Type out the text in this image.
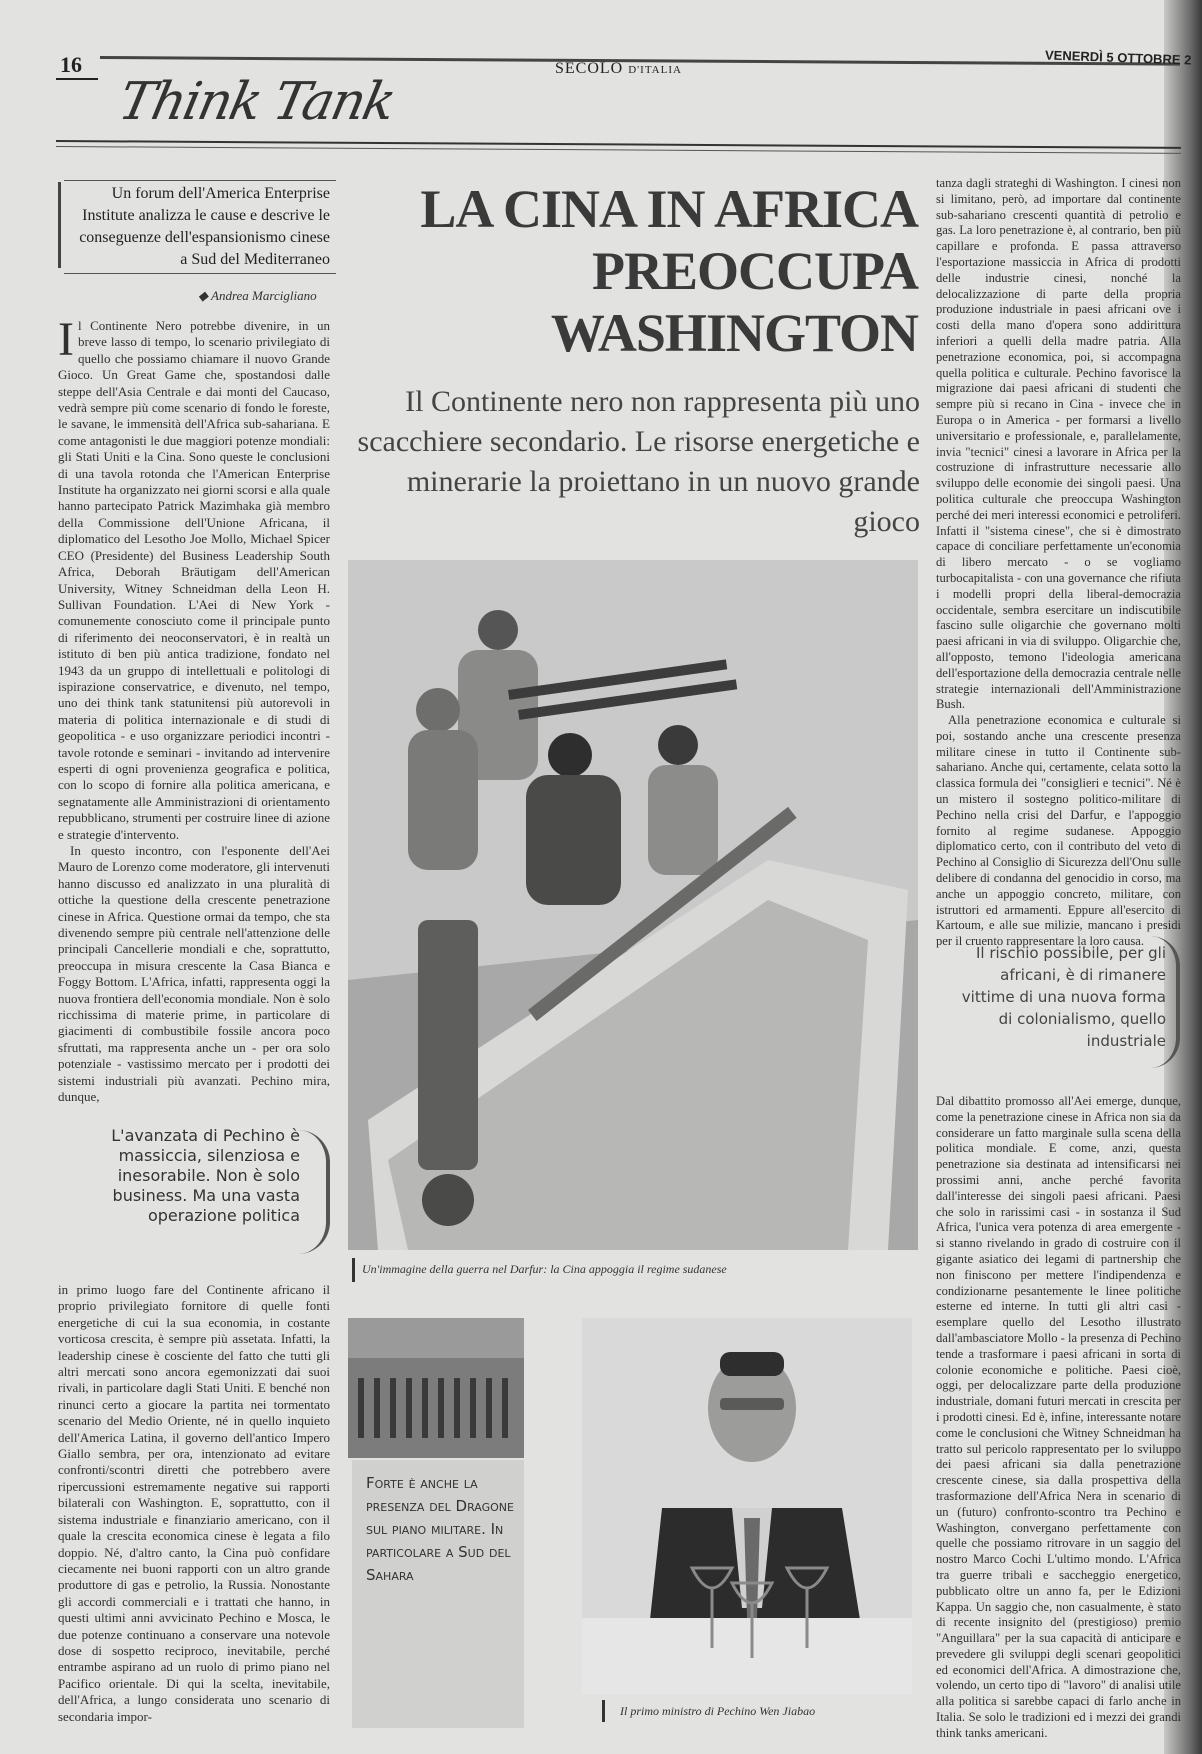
16	SECOLO D'ITALIA
VENERDÌ 5 OTTOBRE 2
Think Tank
Un forum dell'America Enterprise Institute analizza le cause e descrive le conseguenze dell'espansionismo cinese a Sud del Mediterraneo
◆ Andrea Marcigliano
I l Continente Nero potrebbe divenire, in un breve lasso di tempo, lo scenario privilegiato di quello che possiamo chiamare il nuovo Grande Gioco. Un Great Game che, spostandosi dalle steppe dell'Asia Centrale e dai monti del Caucaso, vedrà sempre più come scenario di fondo le foreste, le savane, le immensità dell'Africa sub-sahariana. E come antagonisti le due maggiori potenze mondiali: gli Stati Uniti e la Cina. Sono queste le conclusioni di una tavola rotonda che l'American Enterprise Institute ha organizzato nei giorni scorsi e alla quale hanno partecipato Patrick Mazimhaka già membro della Commissione dell'Unione Africana, il diplomatico del Lesotho Joe Mollo, Michael Spicer CEO (Presidente) del Business Leadership South Africa, Deborah Bräutigam dell'American University, Witney Schneidman della Leon H. Sullivan Foundation. L'Aei di New York - comunemente conosciuto come il principale punto di riferimento dei neoconservatori, è in realtà un istituto di ben più antica tradizione, fondato nel 1943 da un gruppo di intellettuali e politologi di ispirazione conservatrice, e divenuto, nel tempo, uno dei think tank statunitensi più autorevoli in materia di politica internazionale e di studi di geopolitica - e uso organizzare periodici incontri - tavole rotonde e seminari - invitando ad intervenire esperti di ogni provenienza geografica e politica, con lo scopo di fornire alla politica americana, e segnatamente alle Amministrazioni di orientamento repubblicano, strumenti per costruire linee di azione e strategie d'intervento.

In questo incontro, con l'esponente dell'Aei Mauro de Lorenzo come moderatore, gli intervenuti hanno discusso ed analizzato in una pluralità di ottiche la questione della crescente penetrazione cinese in Africa. Questione ormai da tempo, che sta divenendo sempre più centrale nell'attenzione delle principali Cancellerie mondiali e che, soprattutto, preoccupa in misura crescente la Casa Bianca e Foggy Bottom. L'Africa, infatti, rappresenta oggi la nuova frontiera dell'economia mondiale. Non è solo ricchissima di materie prime, in particolare di giacimenti di combustibile fossile ancora poco sfruttati, ma rappresenta anche un - per ora solo potenziale - vastissimo mercato per i prodotti dei sistemi industriali più avanzati. Pechino mira, dunque,

L'avanzata di Pechino è massiccia, silenziosa e inesorabile. Non è solo business. Ma una vasta operazione politica

in primo luogo fare del Continente africano il proprio privilegiato fornitore di quelle fonti energetiche di cui la sua economia, in costante vorticosa crescita, è sempre più assetata. Infatti, la leadership cinese è cosciente del fatto che tutti gli altri mercati sono ancora egemonizzati dai suoi rivali, in particolare dagli Stati Uniti. E benché non rinunci certo a giocare la partita nei tormentato scenario del Medio Oriente, né in quello inquieto dell'America Latina, il governo dell'antico Impero Giallo sembra, per ora, intenzionato ad evitare confronti/scontri diretti che potrebbero avere ripercussioni estremamente negative sui rapporti bilaterali con Washington. E, soprattutto, con il sistema industriale e finanziario americano, con il quale la crescita economica cinese è legata a filo doppio. Né, d'altro canto, la Cina può confidare ciecamente nei buoni rapporti con un altro grande produttore di gas e petrolio, la Russia. Nonostante gli accordi commerciali e i trattati che hanno, in questi ultimi anni avvicinato Pechino e Mosca, le due potenze continuano a conservare una notevole dose di sospetto reciproco, inevitabile, perché entrambe aspirano ad un ruolo di primo piano nel Pacifico orientale. Di qui la scelta, inevitabile, dell'Africa, a lungo considerata uno scenario di secondaria impor-

LA CINA IN AFRICA PREOCCUPA WASHINGTON
Il Continente nero non rappresenta più uno scacchiere secondario. Le risorse energetiche e minerarie la proiettano in un nuovo grande gioco
Un'immagine della guerra nel Darfur: la Cina appoggia il regime sudanese
Forte è anche la presenza del Dragone sul piano militare. In particolare a Sud del Sahara
Il primo ministro di Pechino Wen Jiabao

tanza dagli strateghi di Washington. I cinesi non si limitano, però, ad importare dal continente sub-sahariano crescenti quantità di petrolio e gas. La loro penetrazione è, al contrario, ben più capillare e profonda. E passa attraverso l'esportazione massiccia in Africa di prodotti delle industrie cinesi, nonché la delocalizzazione di parte della propria produzione industriale in paesi africani ove i costi della mano d'opera sono addirittura inferiori a quelli della madre patria. Alla penetrazione economica, poi, si accompagna quella politica e culturale. Pechino favorisce la migrazione dai paesi africani di studenti che sempre più si recano in Cina - invece che in Europa o in America - per formarsi a livello universitario e professionale, e, parallelamente, invia "tecnici" cinesi a lavorare in Africa per la costruzione di infrastrutture necessarie allo sviluppo delle economie dei singoli paesi. Una politica culturale che preoccupa Washington perché dei meri interessi economici e petroliferi. Infatti il "sistema cinese", che si è dimostrato capace di conciliare perfettamente un'economia di libero mercato - o se vogliamo turbocapitalista - con una governance che rifiuta i modelli propri della liberal-democrazia occidentale, sembra esercitare un indiscutibile fascino sulle oligarchie che governano molti paesi africani in via di sviluppo. Oligarchie che, all'opposto, temono l'ideologia americana dell'esportazione della democrazia centrale nelle strategie internazionali dell'Amministrazione Bush.

Alla penetrazione economica e culturale si poi, sostando anche una crescente presenza militare cinese in tutto il Continente sub-sahariano. Anche qui, certamente, celata sotto la classica formula dei "consiglieri e tecnici". Né è un mistero il sostegno politico-militare di Pechino nella crisi del Darfur, e l'appoggio fornito al regime sudanese. Appoggio diplomatico certo, con il contributo del veto di Pechino al Consiglio di Sicurezza dell'Onu sulle delibere di condanna del genocidio in corso, ma anche un appoggio concreto, militare, con istruttori ed armamenti. Eppure all'esercito di Kartoum, e alle sue milizie, mancano i presidi per il cruento rappresentare la loro causa.

Il rischio possibile, per gli africani, è di rimanere vittime di una nuova forma di colonialismo, quello industriale

Dal dibattito promosso all'Aei emerge, dunque, come la penetrazione cinese in Africa non sia da considerare un fatto marginale sulla scena della politica mondiale. E come, anzi, questa penetrazione sia destinata ad intensificarsi nei prossimi anni, anche perché favorita dall'interesse dei singoli paesi africani. Paesi che solo in rarissimi casi - in sostanza il Sud Africa, l'unica vera potenza di area emergente - si stanno rivelando in grado di costruire con il gigante asiatico dei legami di partnership che non finiscono per mettere l'indipendenza e condizionarne pesantemente le linee politiche esterne ed interne. In tutti gli altri casi - esemplare quello del Lesotho illustrato dall'ambasciatore Mollo - la presenza di Pechino tende a trasformare i paesi africani in sorta di colonie economiche e politiche. Paesi cioè, oggi, per delocalizzare parte della produzione industriale, domani futuri mercati in crescita per i prodotti cinesi. Ed è, infine, interessante notare come le conclusioni che Witney Schneidman ha tratto sul pericolo rappresentato per lo sviluppo dei paesi africani sia dalla penetrazione crescente cinese, sia dalla prospettiva della trasformazione dell'Africa Nera in scenario di un (futuro) confronto-scontro tra Pechino e Washington, convergano perfettamente con quelle che possiamo ritrovare in un saggio del nostro Marco Cochi L'ultimo mondo. L'Africa tra guerre tribali e saccheggio energetico, pubblicato oltre un anno fa, per le Edizioni Kappa. Un saggio che, non casualmente, è stato di recente insignito del (prestigioso) premio "Anguillara" per la sua capacità di anticipare e prevedere gli sviluppi degli scenari geopolitici ed economici dell'Africa. A dimostrazione che, volendo, un certo tipo di "lavoro" di analisi utile alla politica si sarebbe capaci di farlo anche in Italia. Se solo le tradizioni ed i mezzi dei grandi think tanks americani.
